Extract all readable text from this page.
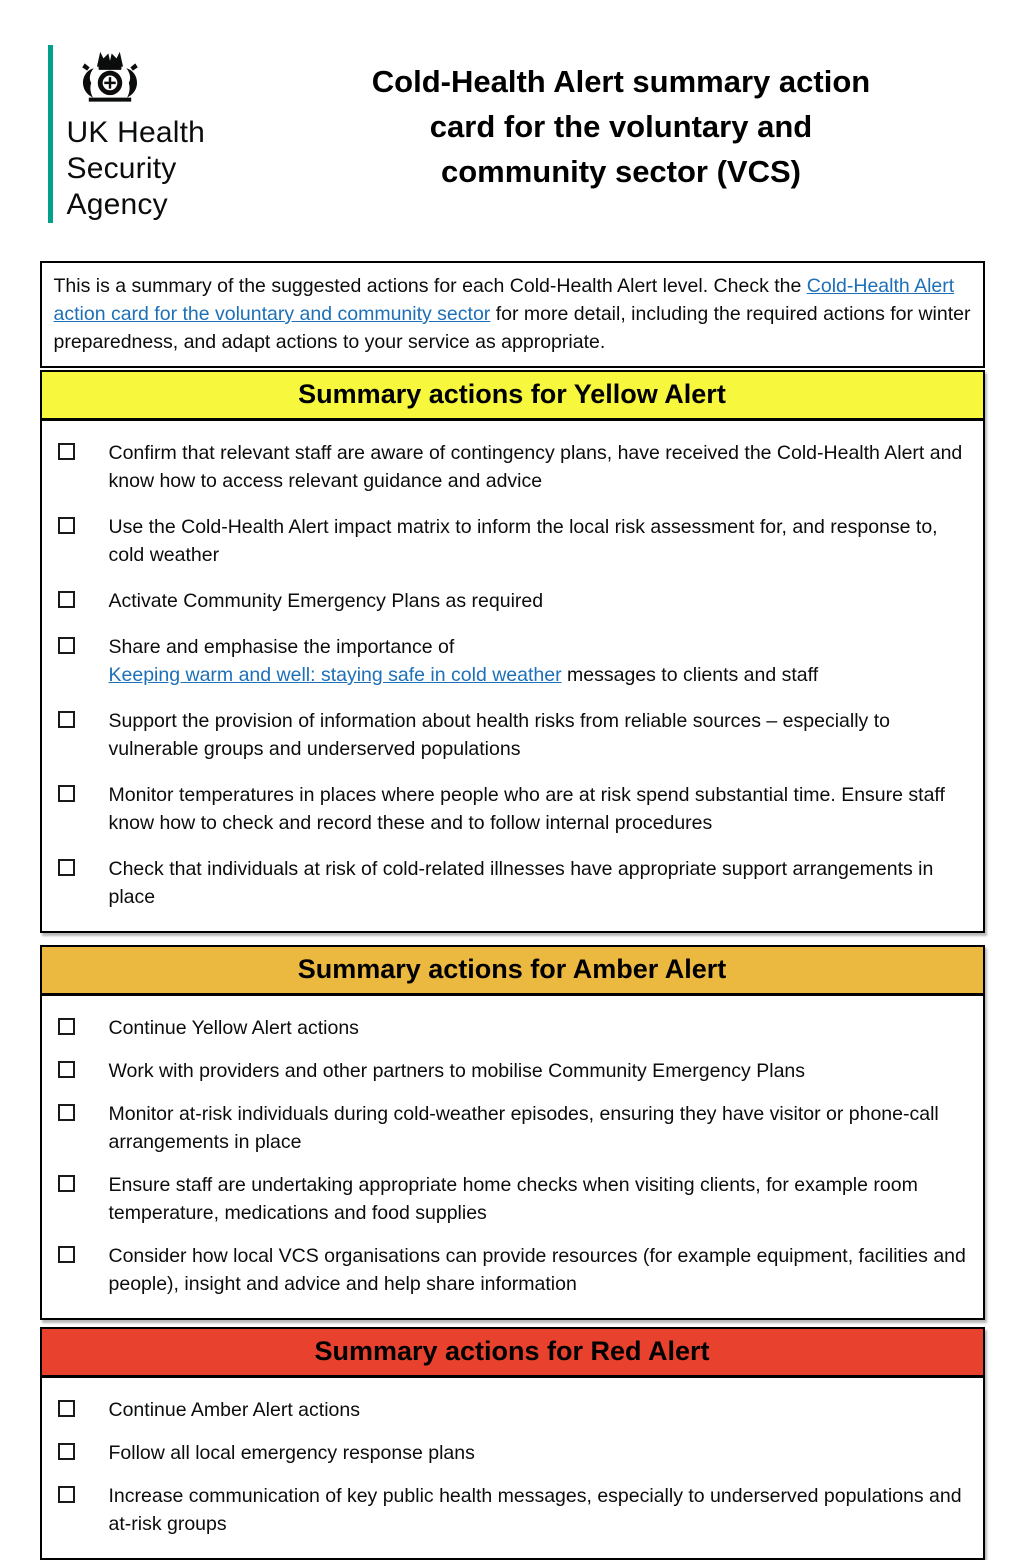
UK Health
Security
Agency
Cold-Health Alert summary action
card for the voluntary and
community sector (VCS)
This is a summary of the suggested actions for each Cold-Health Alert level. Check the Cold-Health Alert action card for the voluntary and community sector for more detail, including the required actions for winter preparedness, and adapt actions to your service as appropriate.
Summary actions for Yellow Alert

Confirm that relevant staff are aware of contingency plans, have received the Cold-Health Alert and know how to access relevant guidance and advice

Use the Cold-Health Alert impact matrix to inform the local risk assessment for, and response to, cold weather

Activate Community Emergency Plans as required

Share and emphasise the importance of
Keeping warm and well: staying safe in cold weather messages to clients and staff

Support the provision of information about health risks from reliable sources – especially to vulnerable groups and underserved populations

Monitor temperatures in places where people who are at risk spend substantial time. Ensure staff know how to check and record these and to follow internal procedures

Check that individuals at risk of cold-related illnesses have appropriate support arrangements in place

Summary actions for Amber Alert

Continue Yellow Alert actions

Work with providers and other partners to mobilise Community Emergency Plans

Monitor at-risk individuals during cold-weather episodes, ensuring they have visitor or phone-call arrangements in place

Ensure staff are undertaking appropriate home checks when visiting clients, for example room temperature, medications and food supplies

Consider how local VCS organisations can provide resources (for example equipment, facilities and people), insight and advice and help share information

Summary actions for Red Alert

Continue Amber Alert actions

Follow all local emergency response plans

Increase communication of key public health messages, especially to underserved populations and at-risk groups
